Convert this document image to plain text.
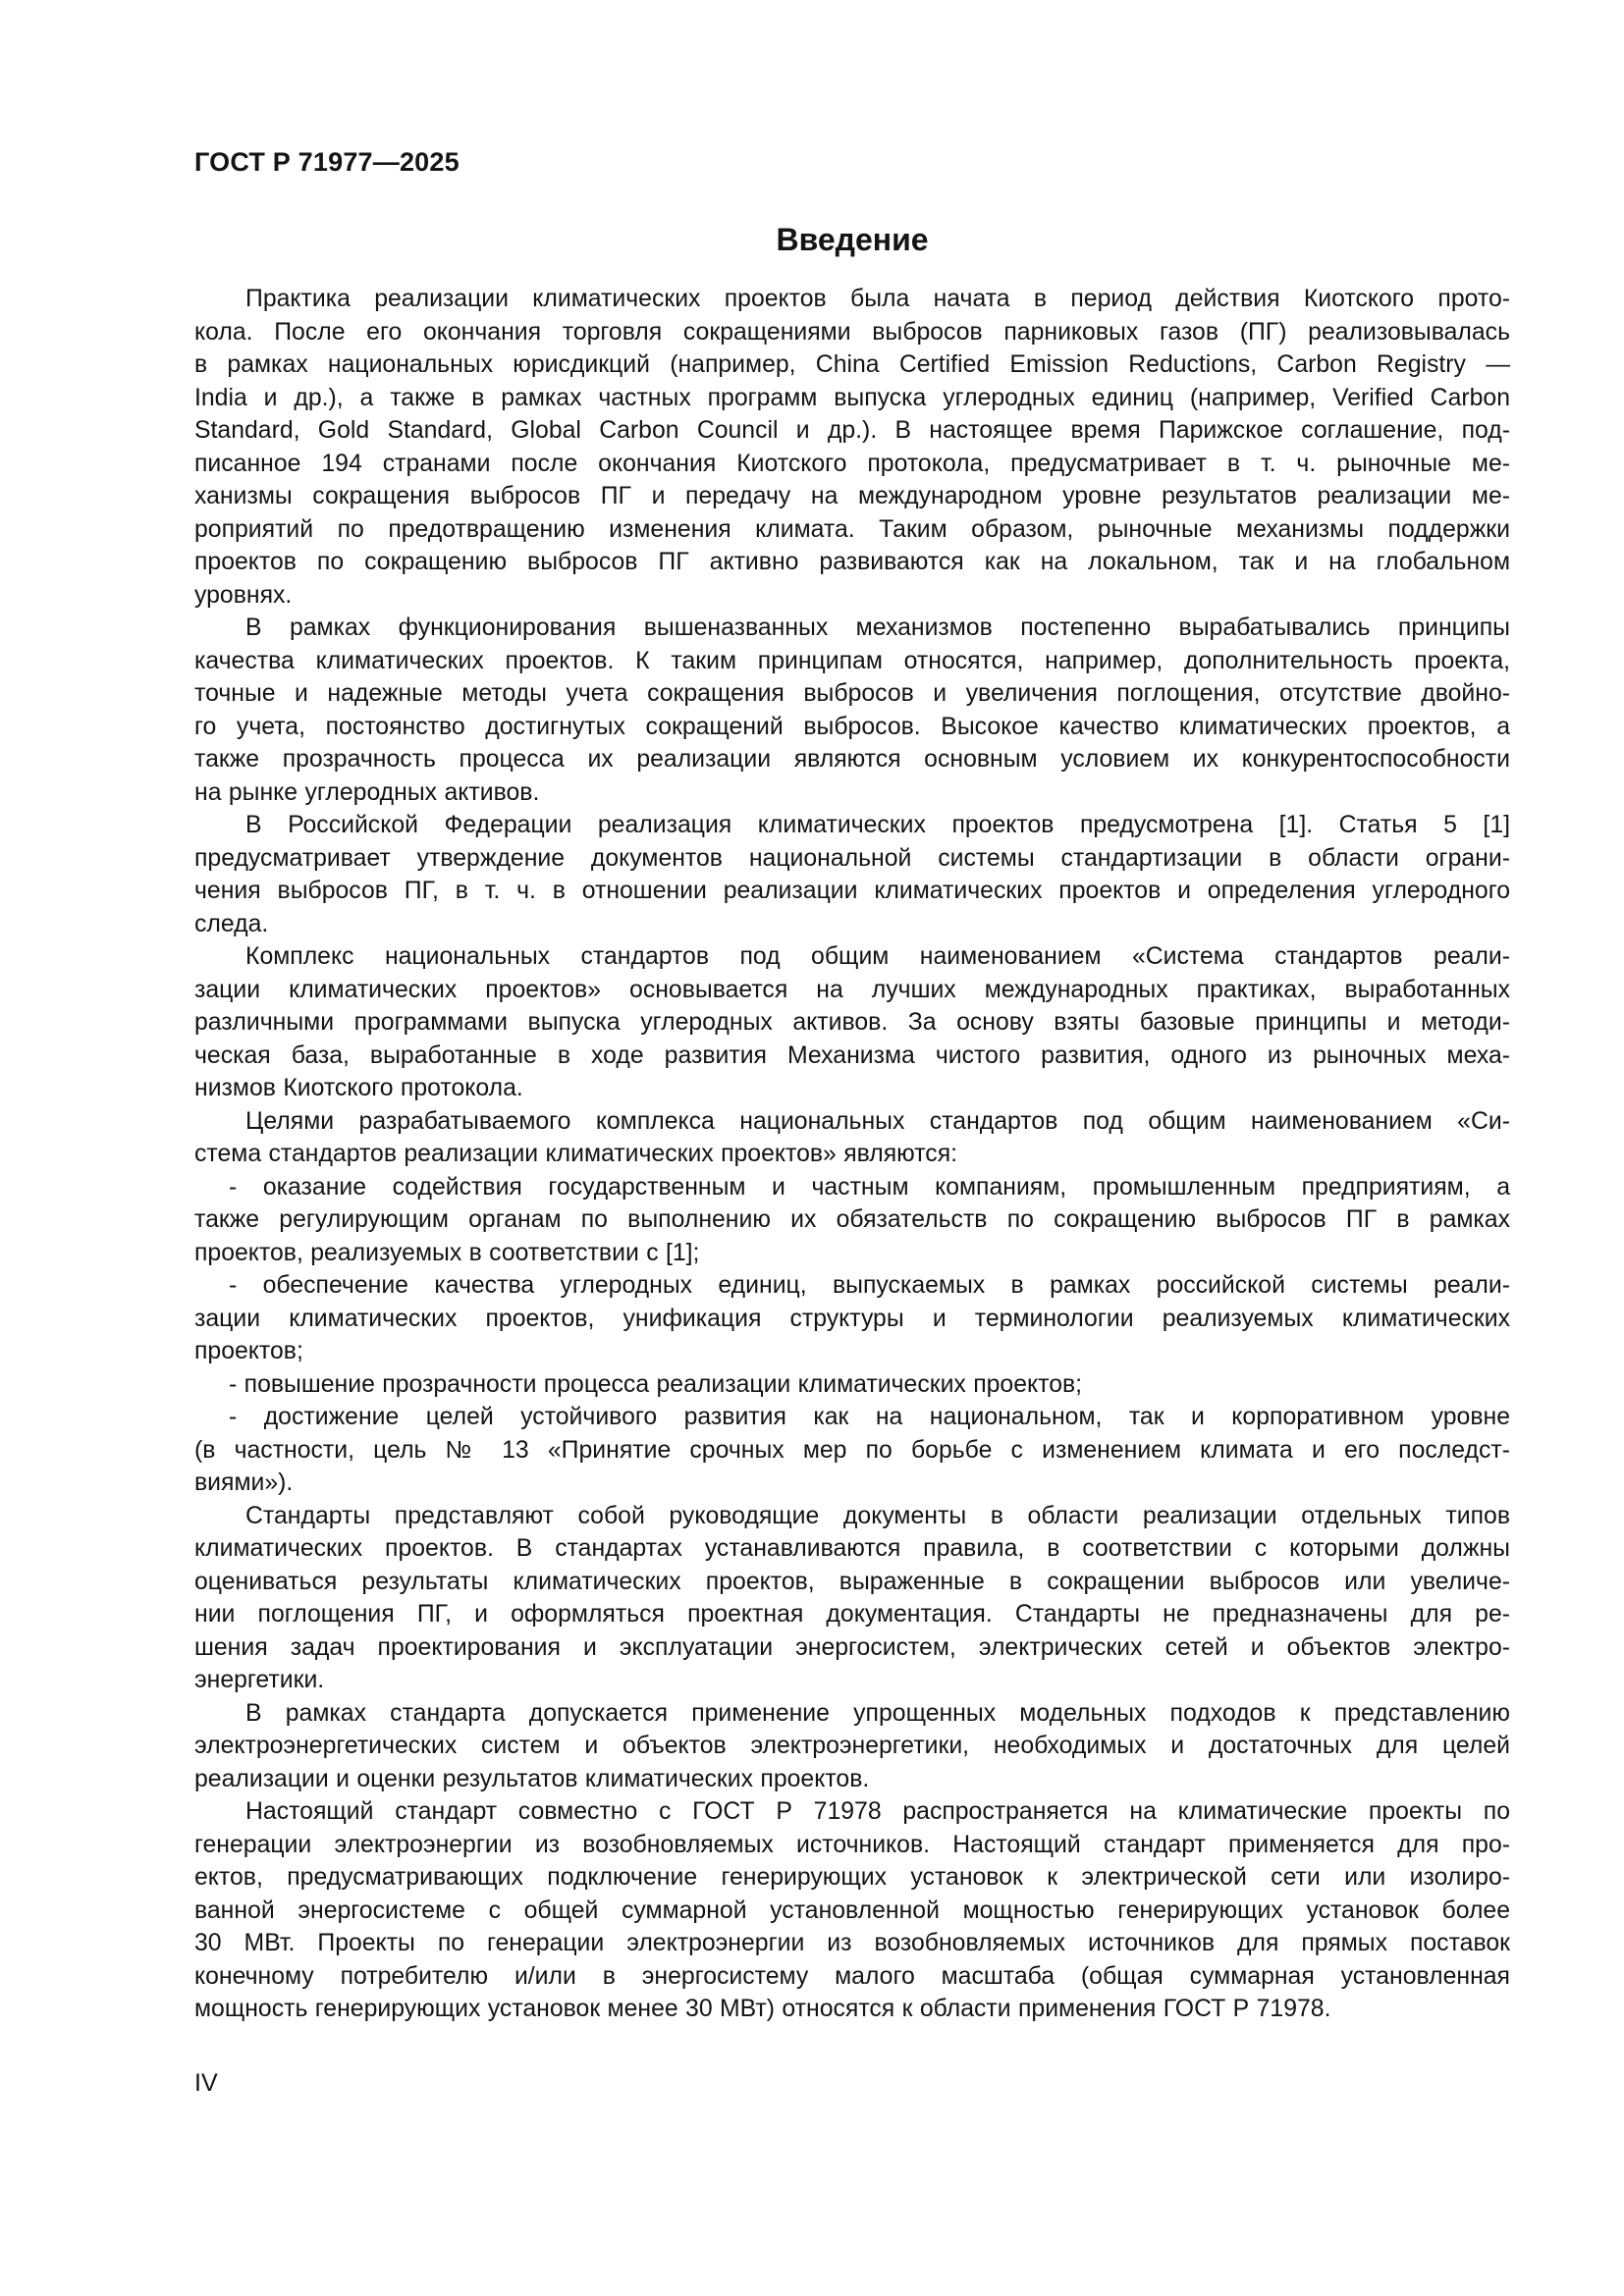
ГОСТ Р 71977—2025
Введение
Практика реализации климатических проектов была начата в период действия Киотского прото-
кола. После его окончания торговля сокращениями выбросов парниковых газов (ПГ) реализовывалась
в рамках национальных юрисдикций (например, China Certified Emission Reductions, Carbon Registry —
India и др.), а также в рамках частных программ выпуска углеродных единиц (например, Verified Carbon
Standard, Gold Standard, Global Carbon Council и др.). В настоящее время Парижское соглашение, под-
писанное 194 странами после окончания Киотского протокола, предусматривает в т. ч. рыночные ме-
ханизмы сокращения выбросов ПГ и передачу на международном уровне результатов реализации ме-
роприятий по предотвращению изменения климата. Таким образом, рыночные механизмы поддержки
проектов по сокращению выбросов ПГ активно развиваются как на локальном, так и на глобальном
уровнях.
В рамках функционирования вышеназванных механизмов постепенно вырабатывались принципы
качества климатических проектов. К таким принципам относятся, например, дополнительность проекта,
точные и надежные методы учета сокращения выбросов и увеличения поглощения, отсутствие двойно-
го учета, постоянство достигнутых сокращений выбросов. Высокое качество климатических проектов, а
также прозрачность процесса их реализации являются основным условием их конкурентоспособности
на рынке углеродных активов.
В Российской Федерации реализация климатических проектов предусмотрена [1]. Статья 5 [1]
предусматривает утверждение документов национальной системы стандартизации в области ограни-
чения выбросов ПГ, в т. ч. в отношении реализации климатических проектов и определения углеродного
следа.
Комплекс национальных стандартов под общим наименованием «Система стандартов реали-
зации климатических проектов» основывается на лучших международных практиках, выработанных
различными программами выпуска углеродных активов. За основу взяты базовые принципы и методи-
ческая база, выработанные в ходе развития Механизма чистого развития, одного из рыночных меха-
низмов Киотского протокола.
Целями разрабатываемого комплекса национальных стандартов под общим наименованием «Си-
стема стандартов реализации климатических проектов» являются:
- оказание содействия государственным и частным компаниям, промышленным предприятиям, а
также регулирующим органам по выполнению их обязательств по сокращению выбросов ПГ в рамках
проектов, реализуемых в соответствии с [1];
- обеспечение качества углеродных единиц, выпускаемых в рамках российской системы реали-
зации климатических проектов, унификация структуры и терминологии реализуемых климатических
проектов;
- повышение прозрачности процесса реализации климатических проектов;
- достижение целей устойчивого развития как на национальном, так и корпоративном уровне
(в частности, цель № 13 «Принятие срочных мер по борьбе с изменением климата и его последст-
виями»).
Стандарты представляют собой руководящие документы в области реализации отдельных типов
климатических проектов. В стандартах устанавливаются правила, в соответствии с которыми должны
оцениваться результаты климатических проектов, выраженные в сокращении выбросов или увеличе-
нии поглощения ПГ, и оформляться проектная документация. Стандарты не предназначены для ре-
шения задач проектирования и эксплуатации энергосистем, электрических сетей и объектов электро-
энергетики.
В рамках стандарта допускается применение упрощенных модельных подходов к представлению
электроэнергетических систем и объектов электроэнергетики, необходимых и достаточных для целей
реализации и оценки результатов климатических проектов.
Настоящий стандарт совместно с ГОСТ Р 71978 распространяется на климатические проекты по
генерации электроэнергии из возобновляемых источников. Настоящий стандарт применяется для про-
ектов, предусматривающих подключение генерирующих установок к электрической сети или изолиро-
ванной энергосистеме с общей суммарной установленной мощностью генерирующих установок более
30 МВт. Проекты по генерации электроэнергии из возобновляемых источников для прямых поставок
конечному потребителю и/или в энергосистему малого масштаба (общая суммарная установленная
мощность генерирующих установок менее 30 МВт) относятся к области применения ГОСТ Р 71978.
IV
